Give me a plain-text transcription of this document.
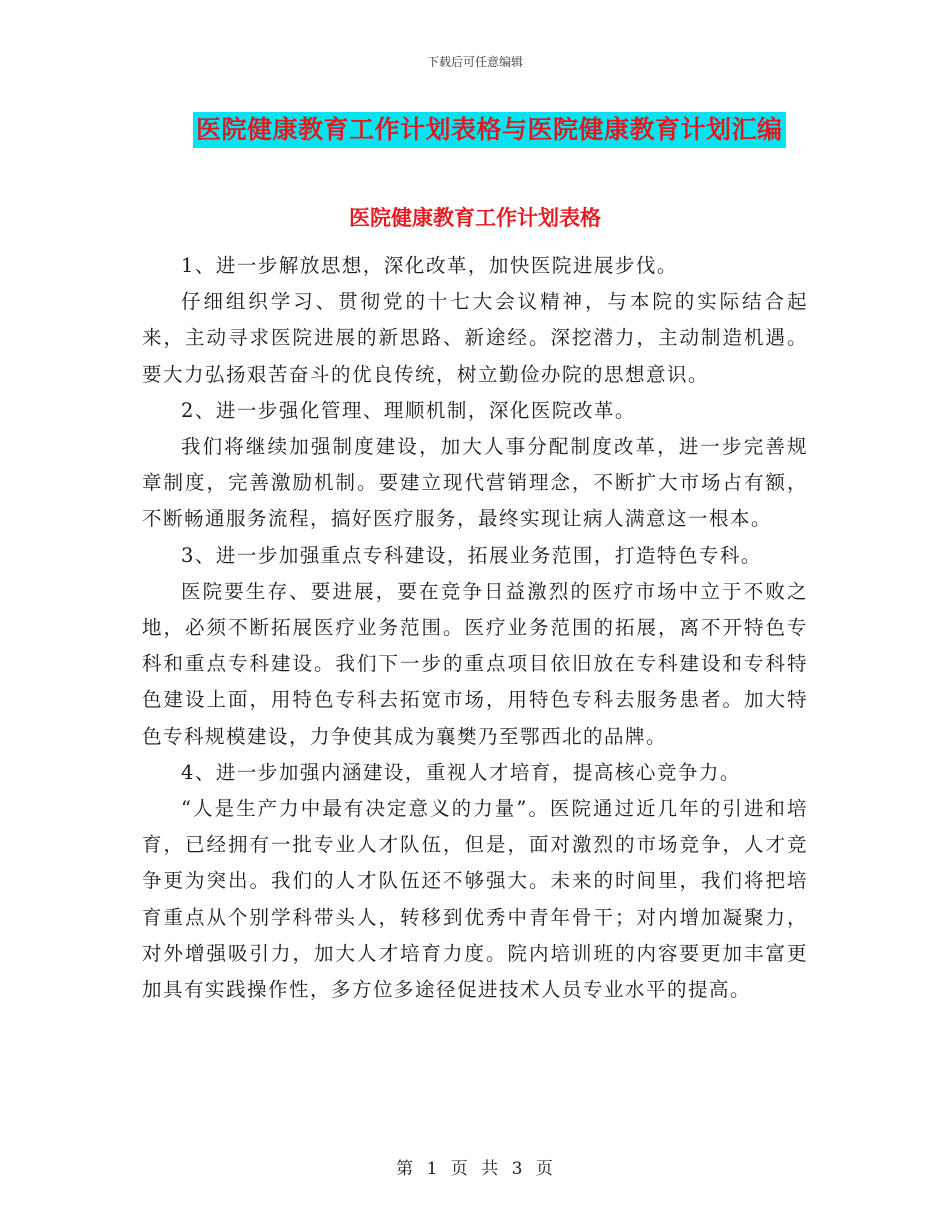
下载后可任意编辑
医院健康教育工作计划表格与医院健康教育计划汇编
医院健康教育工作计划表格

1、进一步解放思想，深化改革，加快医院进展步伐。

仔细组织学习、贯彻党的十七大会议精神，与本院的实际结合起来，主动寻求医院进展的新思路、新途经。深挖潜力，主动制造机遇。要大力弘扬艰苦奋斗的优良传统，树立勤俭办院的思想意识。

2、进一步强化管理、理顺机制，深化医院改革。

我们将继续加强制度建设，加大人事分配制度改革，进一步完善规章制度，完善激励机制。要建立现代营销理念，不断扩大市场占有额，不断畅通服务流程，搞好医疗服务，最终实现让病人满意这一根本。

3、进一步加强重点专科建设，拓展业务范围，打造特色专科。

医院要生存、要进展，要在竞争日益激烈的医疗市场中立于不败之地，必须不断拓展医疗业务范围。医疗业务范围的拓展，离不开特色专科和重点专科建设。我们下一步的重点项目依旧放在专科建设和专科特色建设上面，用特色专科去拓宽市场，用特色专科去服务患者。加大特色专科规模建设，力争使其成为襄樊乃至鄂西北的品牌。

4、进一步加强内涵建设，重视人才培育，提高核心竞争力。

“人是生产力中最有决定意义的力量”。医院通过近几年的引进和培育，已经拥有一批专业人才队伍，但是，面对激烈的市场竞争，人才竞争更为突出。我们的人才队伍还不够强大。未来的时间里，我们将把培育重点从个别学科带头人，转移到优秀中青年骨干；对内增加凝聚力，对外增强吸引力，加大人才培育力度。院内培训班的内容要更加丰富更加具有实践操作性，多方位多途径促进技术人员专业水平的提高。

第 1 页 共 3 页
